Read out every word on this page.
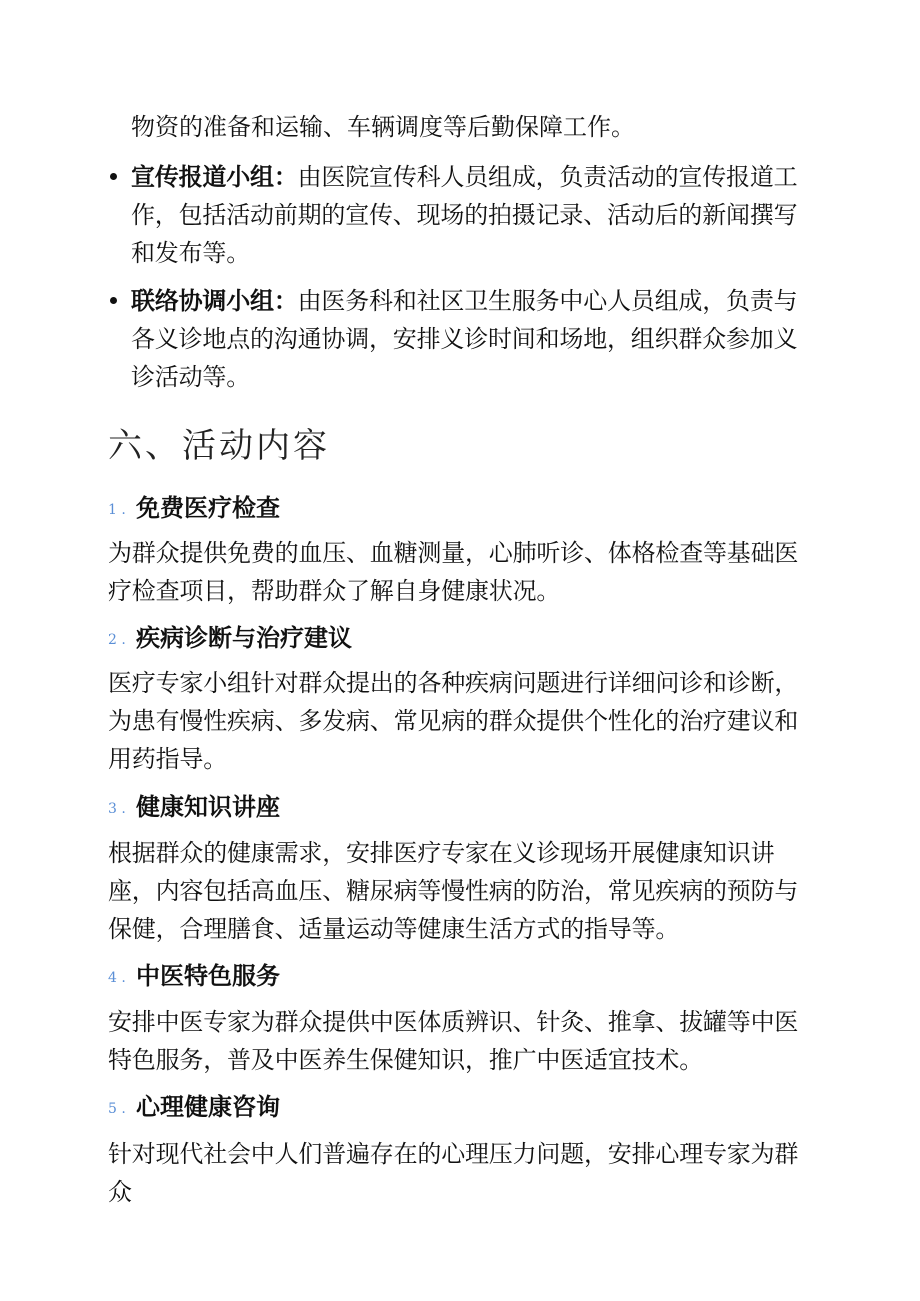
物资的准备和运输、车辆调度等后勤保障工作。
宣传报道小组：由医院宣传科人员组成，负责活动的宣传报道工作，包括活动前期的宣传、现场的拍摄记录、活动后的新闻撰写和发布等。
联络协调小组：由医务科和社区卫生服务中心人员组成，负责与各义诊地点的沟通协调，安排义诊时间和场地，组织群众参加义诊活动等。
六、活动内容
1 . 免费医疗检查
为群众提供免费的血压、血糖测量，心肺听诊、体格检查等基础医疗检查项目，帮助群众了解自身健康状况。
2 . 疾病诊断与治疗建议
医疗专家小组针对群众提出的各种疾病问题进行详细问诊和诊断，为患有慢性疾病、多发病、常见病的群众提供个性化的治疗建议和用药指导。
3 . 健康知识讲座
根据群众的健康需求，安排医疗专家在义诊现场开展健康知识讲座，内容包括高血压、糖尿病等慢性病的防治，常见疾病的预防与保健，合理膳食、适量运动等健康生活方式的指导等。
4 . 中医特色服务
安排中医专家为群众提供中医体质辨识、针灸、推拿、拔罐等中医特色服务，普及中医养生保健知识，推广中医适宜技术。
5 . 心理健康咨询
针对现代社会中人们普遍存在的心理压力问题，安排心理专家为群众
